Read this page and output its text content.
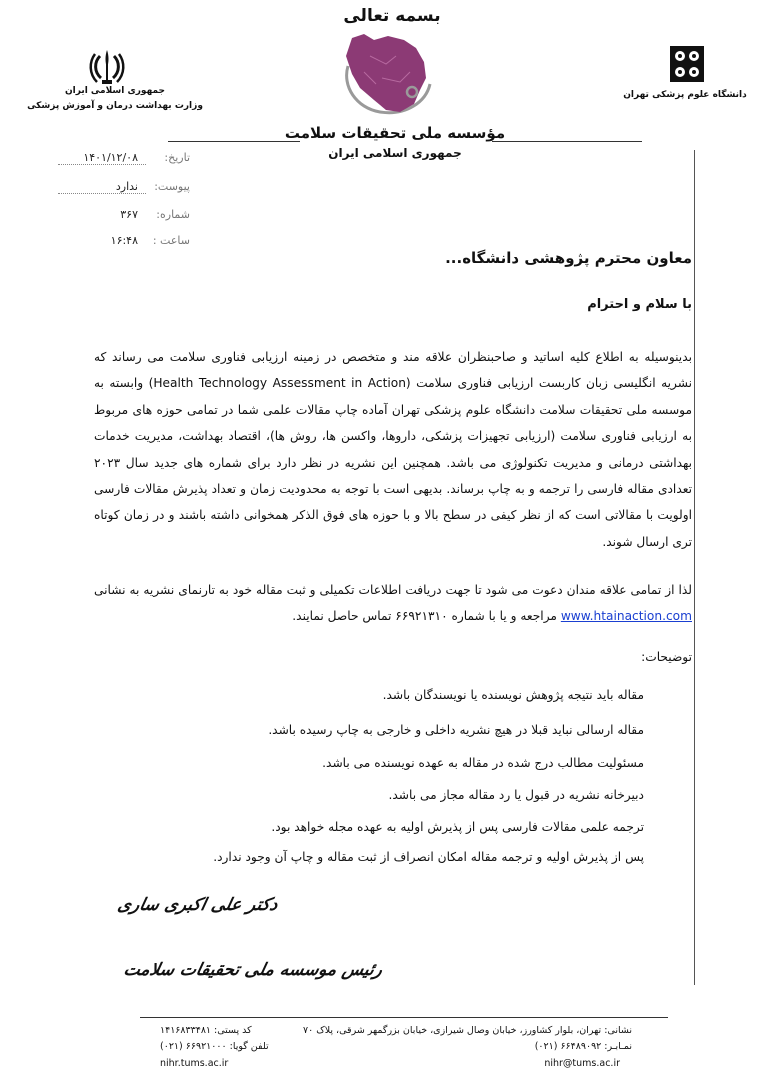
بسمه تعالی
جمهوری اسلامی ایران
وزارت بهداشت درمان و آموزش پزشکی
دانشگاه علوم پزشکی تهران
مؤسسه ملی تحقیقات سلامت
جمهوری اسلامی ایران
تاریخ:
۱۴۰۱/۱۲/۰۸
پیوست:
ندارد
شماره:
۳۶۷
ساعت :
۱۶:۴۸
معاون محترم پژوهشی دانشگاه...
با سلام و احترام
بدینوسیله به اطلاع کلیه اساتید و صاحبنظران علاقه مند و متخصص در زمینه ارزیابی فناوری سلامت می رساند که نشریه انگلیسی زبان کاربست ارزیابی فناوری سلامت (Health Technology Assessment in Action) وابسته به موسسه ملی تحقیقات سلامت دانشگاه علوم پزشکی تهران آماده چاپ مقالات علمی شما در تمامی حوزه های مربوط به ارزیابی فناوری سلامت (ارزیابی تجهیزات پزشکی، داروها، واکسن ها، روش ها)، اقتصاد بهداشت، مدیریت خدمات بهداشتی درمانی و مدیریت تکنولوژی می باشد. همچنین این نشریه در نظر دارد برای شماره های جدید سال ۲۰۲۳ تعدادی مقاله فارسی را ترجمه و به چاپ برساند. بدیهی است با توجه به محدودیت زمان و تعداد پذیرش مقالات فارسی اولویت با مقالاتی است که از نظر کیفی در سطح بالا و با حوزه های فوق الذکر همخوانی داشته باشند و در زمان کوتاه تری ارسال شوند.
لذا از تمامی علاقه مندان دعوت می شود تا جهت دریافت اطلاعات تکمیلی و ثبت مقاله خود به تارنمای نشریه به نشانی www.htainaction.com مراجعه و یا با شماره ۶۶۹۲۱۳۱۰ تماس حاصل نمایند.
توضیحات:
مقاله باید نتیجه پژوهش نویسنده یا نویسندگان باشد.
مقاله ارسالی نباید قبلا در هیچ نشریه داخلی و خارجی به چاپ رسیده باشد.
مسئولیت مطالب درج شده در مقاله به عهده نویسنده می باشد.
دبیرخانه نشریه در قبول یا رد مقاله مجاز می باشد.
ترجمه علمی مقالات فارسی پس از پذیرش اولیه به عهده مجله خواهد بود.
پس از پذیرش اولیه و ترجمه مقاله امکان انصراف از ثبت مقاله و چاپ آن وجود ندارد.
دکتر علی اکبری ساری
رئیس موسسه ملی تحقیقات سلامت
نشانی: تهران، بلوار کشاورز، خیابان وصال شیرازی، خیابان بزرگمهر شرقی، پلاک ۷۰
کد پستی: ۱۴۱۶۸۳۳۴۸۱
نمـابـر: ۶۶۴۸۹۰۹۲ (۰۲۱)
تلفن گویا: ۶۶۹۲۱۰۰۰ (۰۲۱)
nihr@tums.ac.ir
nihr.tums.ac.ir
